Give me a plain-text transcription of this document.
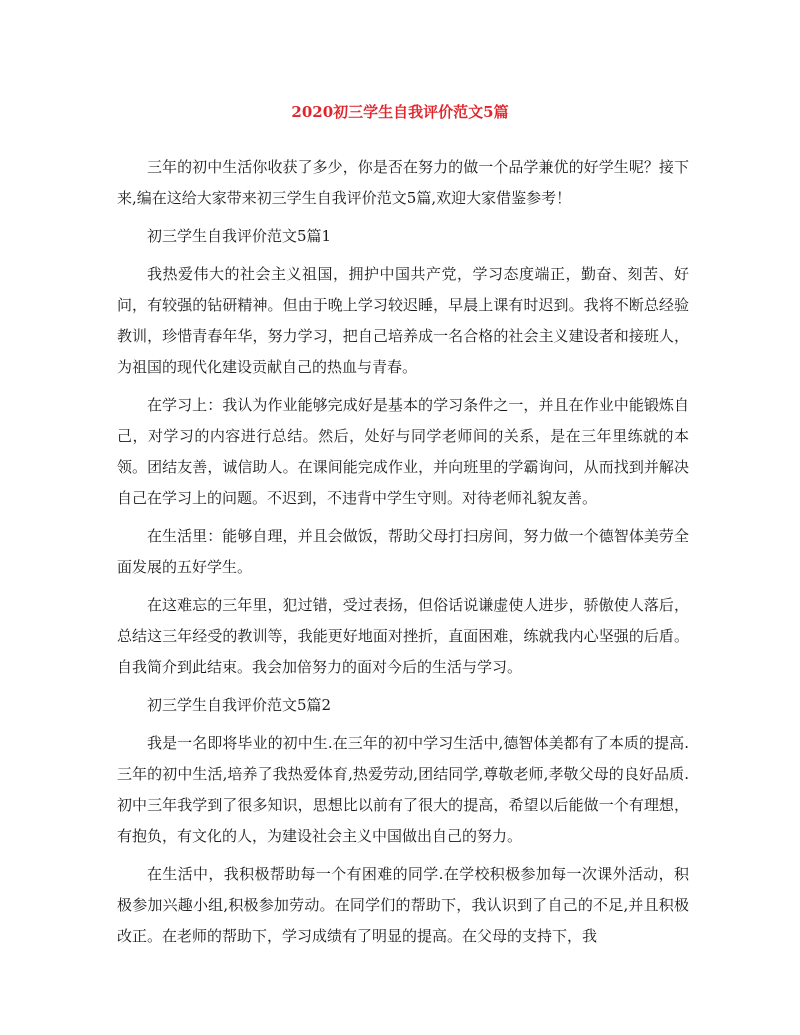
2020初三学生自我评价范文5篇

三年的初中生活你收获了多少，你是否在努力的做一个品学兼优的好学生呢？接下来,编在这给大家带来初三学生自我评价范文5篇,欢迎大家借鉴参考！

初三学生自我评价范文5篇1

我热爱伟大的社会主义祖国，拥护中国共产党，学习态度端正，勤奋、刻苦、好问，有较强的钻研精神。但由于晚上学习较迟睡，早晨上课有时迟到。我将不断总经验教训，珍惜青春年华，努力学习，把自己培养成一名合格的社会主义建设者和接班人，为祖国的现代化建设贡献自己的热血与青春。

在学习上：我认为作业能够完成好是基本的学习条件之一，并且在作业中能锻炼自己，对学习的内容进行总结。然后，处好与同学老师间的关系，是在三年里练就的本领。团结友善，诚信助人。在课间能完成作业，并向班里的学霸询问，从而找到并解决自己在学习上的问题。不迟到，不违背中学生守则。对待老师礼貌友善。

在生活里：能够自理，并且会做饭，帮助父母打扫房间，努力做一个德智体美劳全面发展的五好学生。

在这难忘的三年里，犯过错，受过表扬，但俗话说谦虚使人进步，骄傲使人落后，总结这三年经受的教训等，我能更好地面对挫折，直面困难，练就我内心坚强的后盾。 自我简介到此结束。我会加倍努力的面对今后的生活与学习。

初三学生自我评价范文5篇2

我是一名即将毕业的初中生.在三年的初中学习生活中,德智体美都有了本质的提高.三年的初中生活,培养了我热爱体育,热爱劳动,团结同学,尊敬老师,孝敬父母的良好品质. 初中三年我学到了很多知识，思想比以前有了很大的提高，希望以后能做一个有理想，有抱负，有文化的人，为建设社会主义中国做出自己的努力。

在生活中，我积极帮助每一个有困难的同学.在学校积极参加每一次课外活动，积极参加兴趣小组,积极参加劳动。在同学们的帮助下，我认识到了自己的不足,并且积极改正。在老师的帮助下，学习成绩有了明显的提高。在父母的支持下，我
